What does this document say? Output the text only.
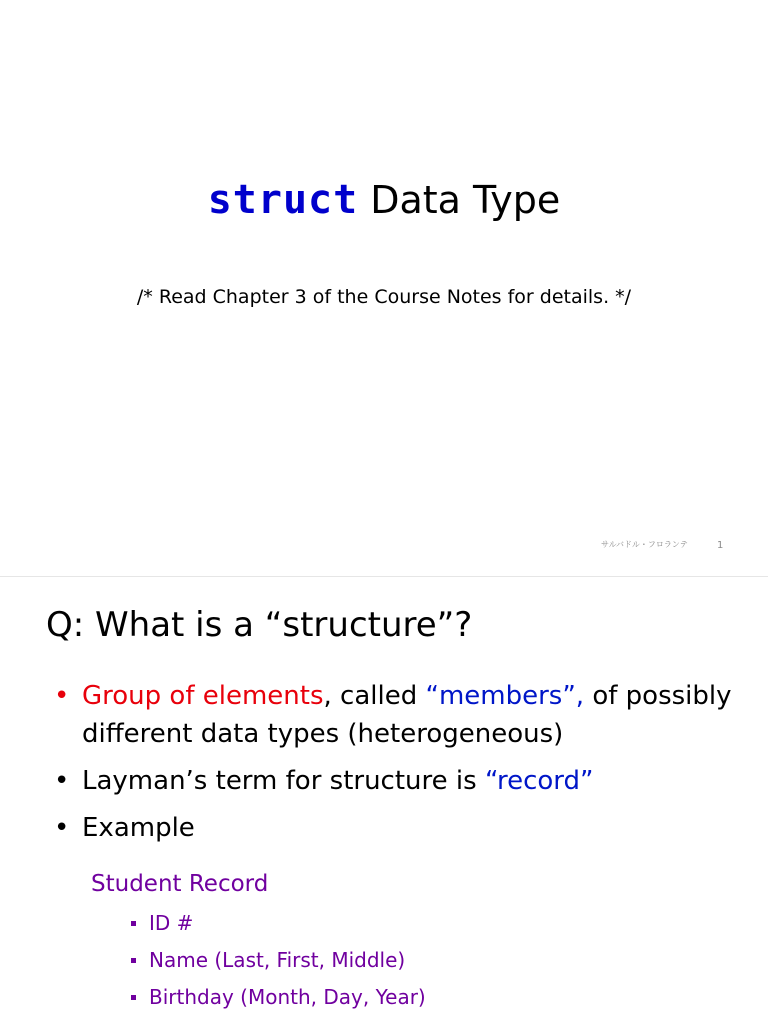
struct Data Type
/* Read Chapter 3 of the Course Notes for details. */
サルバドル・フロランテ	1
Q: What is a “structure”?
• Group of elements, called “members”, of possibly different data types (heterogeneous)
• Layman’s term for structure is “record”
• Example
Student Record
ID #
Name (Last, First, Middle)
Birthday (Month, Day, Year)
